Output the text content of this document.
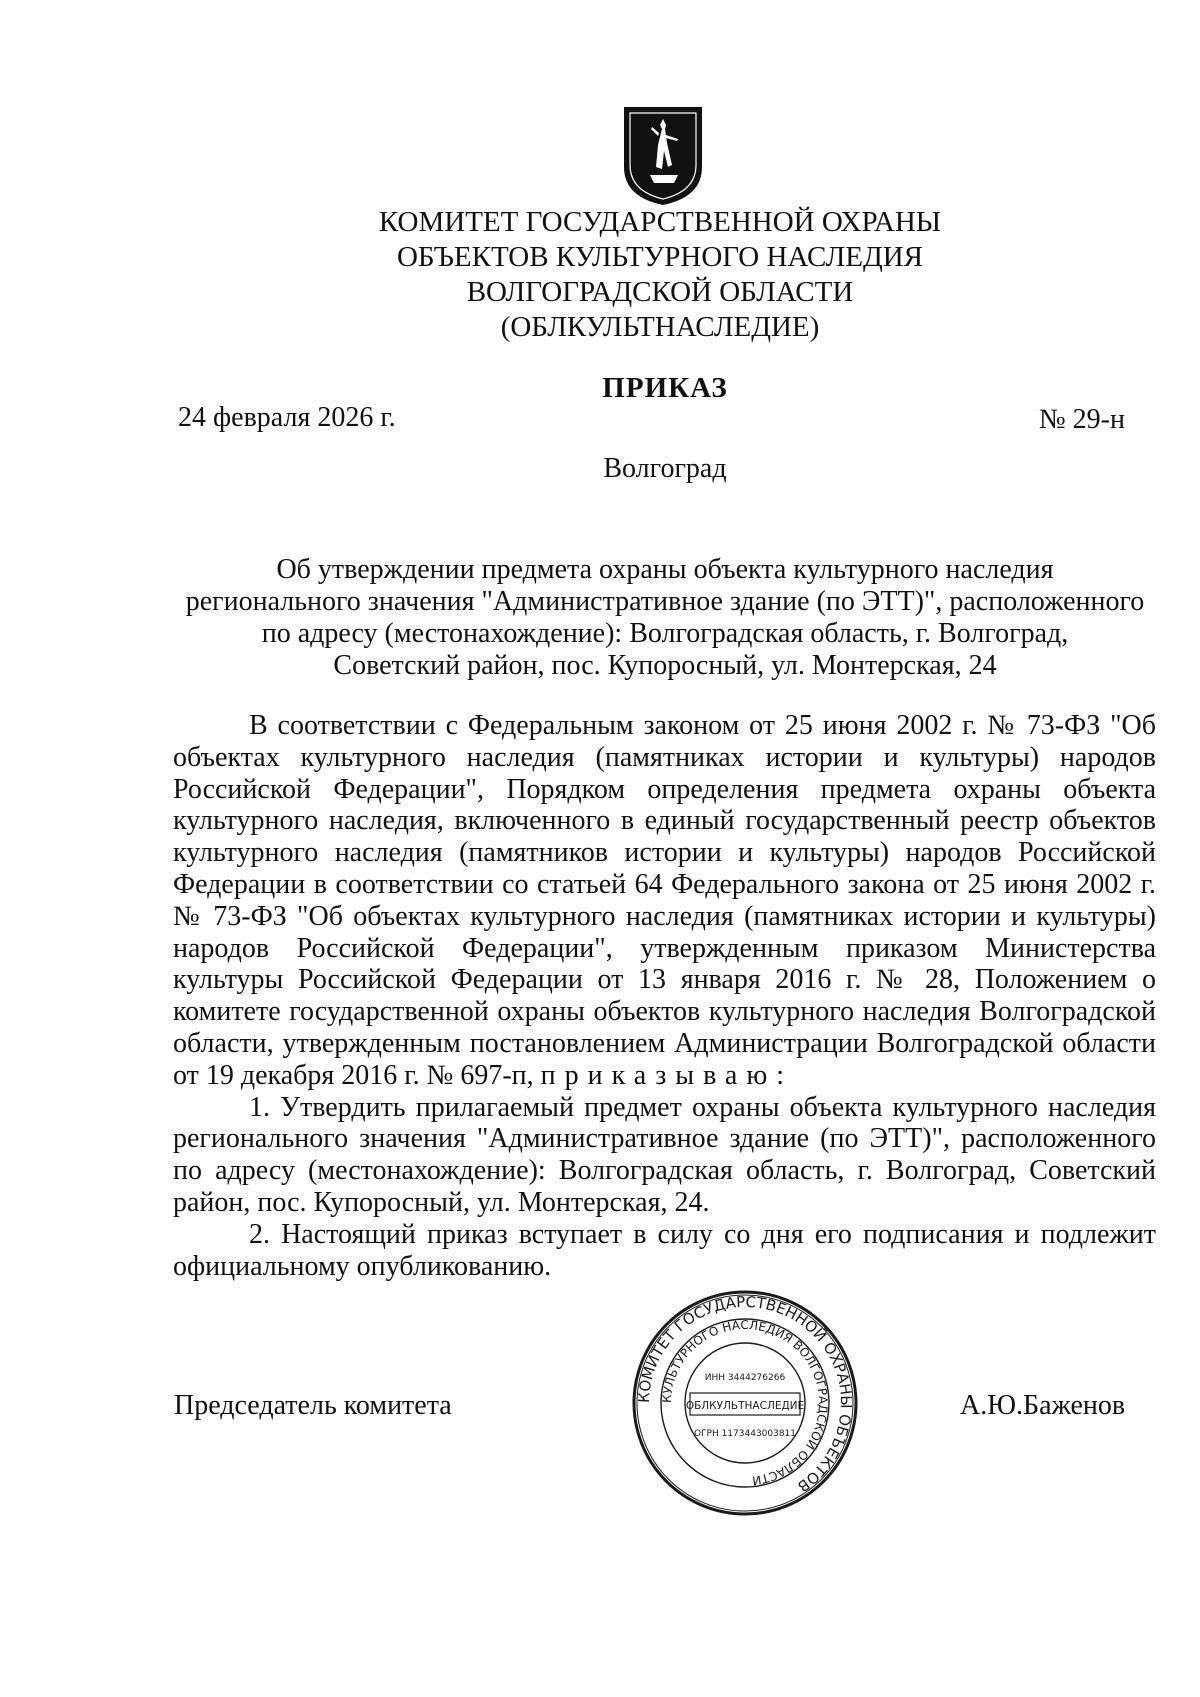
КОМИТЕТ ГОСУДАРСТВЕННОЙ ОХРАНЫ
ОБЪЕКТОВ КУЛЬТУРНОГО НАСЛЕДИЯ
ВОЛГОГРАДСКОЙ ОБЛАСТИ
(ОБЛКУЛЬТНАСЛЕДИЕ)
ПРИКАЗ
24 февраля 2026 г.	№ 29-н
Волгоград
Об утверждении предмета охраны объекта культурного наследия
регионального значения "Административное здание (по ЭТТ)", расположенного
по адресу (местонахождение): Волгоградская область, г. Волгоград,
Советский район, пос. Купоросный, ул. Монтерская, 24

В соответствии с Федеральным законом от 25 июня 2002 г. № 73-ФЗ "Об объектах культурного наследия (памятниках истории и культуры) народов Российской Федерации", Порядком определения предмета охраны объекта культурного наследия, включенного в единый государственный реестр объектов культурного наследия (памятников истории и культуры) народов Российской Федерации в соответствии со статьей 64 Федерального закона от 25 июня 2002 г. № 73-ФЗ "Об объектах культурного наследия (памятниках истории и культуры) народов Российской Федерации", утвержденным приказом Министерства культуры Российской Федерации от 13 января 2016 г. № 28, Положением о комитете государственной охраны объектов культурного наследия Волгоградской области, утвержденным постановлением Администрации Волгоградской области от 19 декабря 2016 г. № 697-п, приказываю:

1. Утвердить прилагаемый предмет охраны объекта культурного наследия регионального значения "Административное здание (по ЭТТ)", расположенного по адресу (местонахождение): Волгоградская область, г. Волгоград, Советский район, пос. Купоросный, ул. Монтерская, 24.

2. Настоящий приказ вступает в силу со дня его подписания и подлежит официальному опубликованию.

Председатель комитета	А.Ю.Баженов
КОМИТЕТ ГОСУДАРСТВЕННОЙ ОХРАНЫ ОБЪЕКТОВ
КУЛЬТУРНОГО НАСЛЕДИЯ ВОЛГОГРАДСКОЙ ОБЛАСТИ
ИНН 3444276266
ОГРН 1173443003811
ОБЛКУЛЬТНАСЛЕДИЕ
